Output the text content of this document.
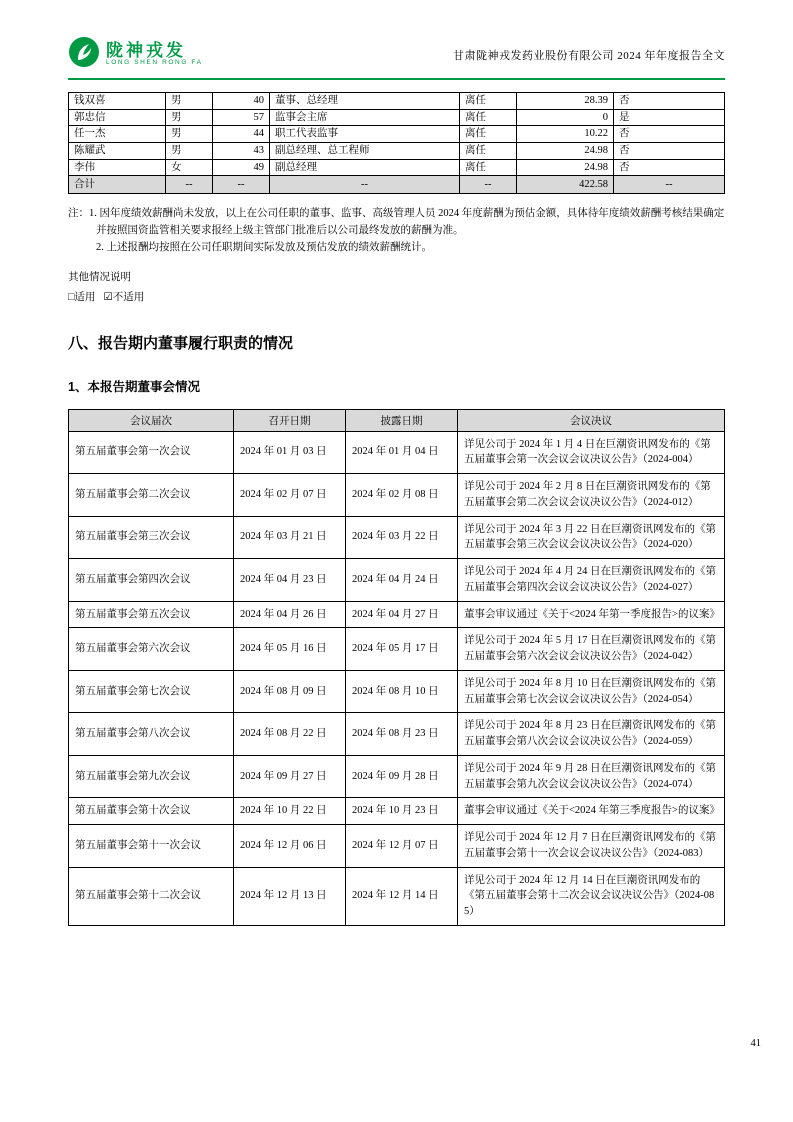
陇神戎发
LONG SHEN RONG FA
甘肃陇神戎发药业股份有限公司 2024 年年度报告全文
钱双喜	男	40	董事、总经理	离任	28.39	否
郭忠信	男	57	监事会主席	离任	0	是
任一杰	男	44	职工代表监事	离任	10.22	否
陈耀武	男	43	副总经理、总工程师	离任	24.98	否
李伟	女	49	副总经理	离任	24.98	否
合计	--	--	--	--	422.58	--
注：1. 因年度绩效薪酬尚未发放，以上在公司任职的董事、监事、高级管理人员 2024 年度薪酬为预估金额，具体待年度绩效薪酬考核结果确定并按照国资监管相关要求报经上级主管部门批准后以公司最终发放的薪酬为准。
2. 上述报酬均按照在公司任职期间实际发放及预估发放的绩效薪酬统计。
其他情况说明
□适用 ☑不适用
八、报告期内董事履行职责的情况
1、本报告期董事会情况
会议届次	召开日期	披露日期	会议决议
第五届董事会第一次会议	2024 年 01 月 03 日	2024 年 01 月 04 日	详见公司于 2024 年 1 月 4 日在巨潮资讯网发布的《第五届董事会第一次会议会议决议公告》（2024-004）
第五届董事会第二次会议	2024 年 02 月 07 日	2024 年 02 月 08 日	详见公司于 2024 年 2 月 8 日在巨潮资讯网发布的《第五届董事会第二次会议会议决议公告》（2024-012）
第五届董事会第三次会议	2024 年 03 月 21 日	2024 年 03 月 22 日	详见公司于 2024 年 3 月 22 日在巨潮资讯网发布的《第五届董事会第三次会议会议决议公告》（2024-020）
第五届董事会第四次会议	2024 年 04 月 23 日	2024 年 04 月 24 日	详见公司于 2024 年 4 月 24 日在巨潮资讯网发布的《第五届董事会第四次会议会议决议公告》（2024-027）
第五届董事会第五次会议	2024 年 04 月 26 日	2024 年 04 月 27 日	董事会审议通过《关于<2024 年第一季度报告>的议案》
第五届董事会第六次会议	2024 年 05 月 16 日	2024 年 05 月 17 日	详见公司于 2024 年 5 月 17 日在巨潮资讯网发布的《第五届董事会第六次会议会议决议公告》（2024-042）
第五届董事会第七次会议	2024 年 08 月 09 日	2024 年 08 月 10 日	详见公司于 2024 年 8 月 10 日在巨潮资讯网发布的《第五届董事会第七次会议会议决议公告》（2024-054）
第五届董事会第八次会议	2024 年 08 月 22 日	2024 年 08 月 23 日	详见公司于 2024 年 8 月 23 日在巨潮资讯网发布的《第五届董事会第八次会议会议决议公告》（2024-059）
第五届董事会第九次会议	2024 年 09 月 27 日	2024 年 09 月 28 日	详见公司于 2024 年 9 月 28 日在巨潮资讯网发布的《第五届董事会第九次会议会议决议公告》（2024-074）
第五届董事会第十次会议	2024 年 10 月 22 日	2024 年 10 月 23 日	董事会审议通过《关于<2024 年第三季度报告>的议案》
第五届董事会第十一次会议	2024 年 12 月 06 日	2024 年 12 月 07 日	详见公司于 2024 年 12 月 7 日在巨潮资讯网发布的《第五届董事会第十一次会议会议决议公告》（2024-083）
第五届董事会第十二次会议	2024 年 12 月 13 日	2024 年 12 月 14 日	详见公司于 2024 年 12 月 14 日在巨潮资讯网发布的《第五届董事会第十二次会议会议决议公告》（2024-085）
41
